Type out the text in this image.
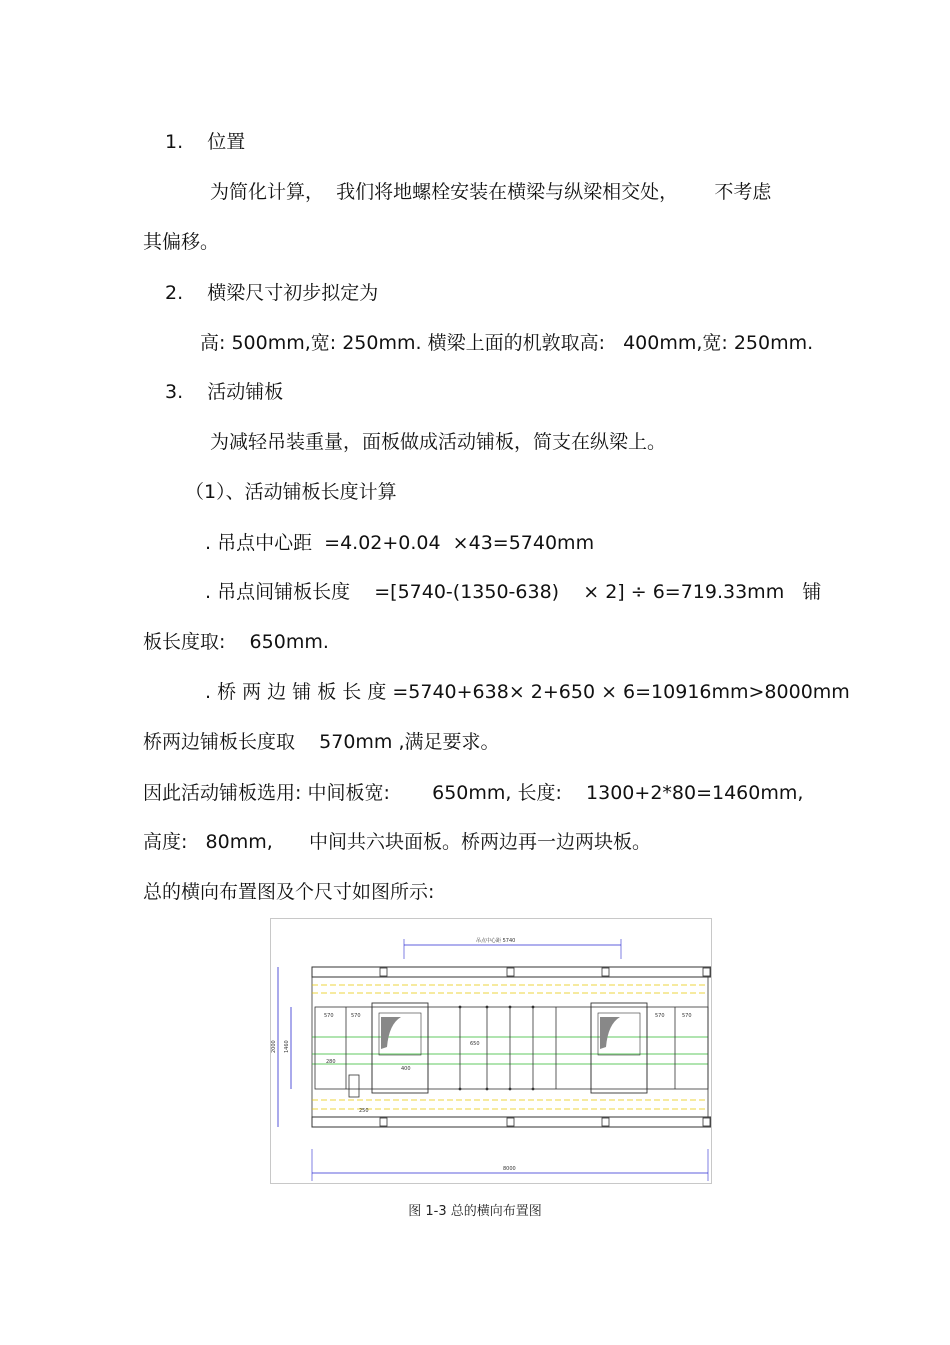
1.    位置
为简化计算，  我们将地螺栓安装在横梁与纵梁相交处，      不考虑
其偏移。
2.    横梁尺寸初步拟定为
高: 500mm,宽: 250mm. 横梁上面的机敦取高:   400mm,宽: 250mm.
3.    活动铺板
为减轻吊装重量，面板做成活动铺板，简支在纵梁上。
（1）、活动铺板长度计算
. 吊点中心距  =4.02+0.04  ×43=5740mm
. 吊点间铺板长度    =[5740-(1350-638)    × 2] ÷ 6=719.33mm   铺
板长度取:    650mm.
. 桥 两 边 铺 板 长 度 =5740+638× 2+650 × 6=10916mm>8000mm
桥两边铺板长度取    570mm ,满足要求。
因此活动铺板选用: 中间板宽:       650mm, 长度:    1300+2*80=1460mm,
高度:   80mm,      中间共六块面板。桥两边再一边两块板。
总的横向布置图及个尺寸如图所示:
吊点中心距 5740
570	570	570	570
650
280
250
400
2000 1460
8000
图 1-3 总的横向布置图
